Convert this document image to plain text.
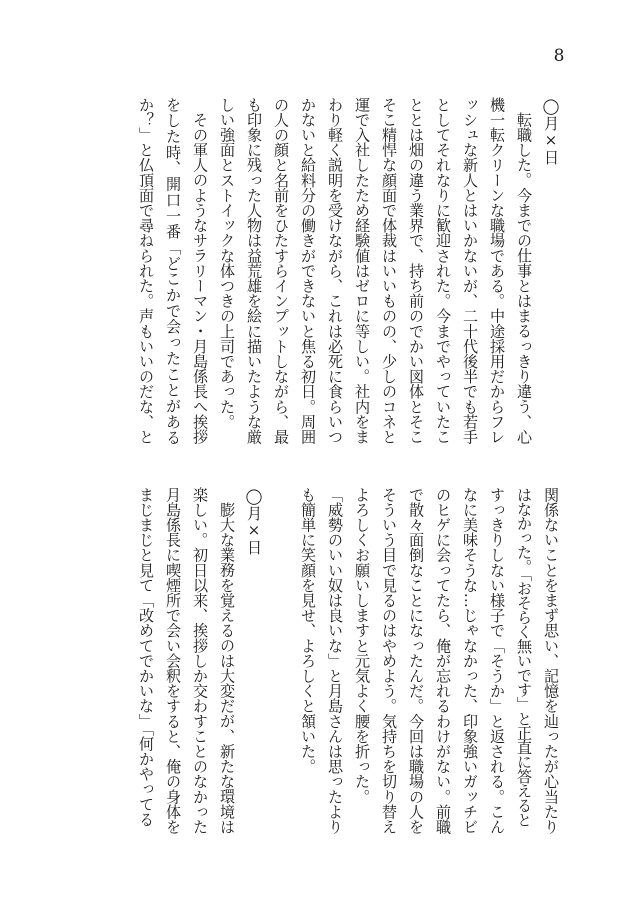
8
◯月×日
転職した。今までの仕事とはまるっきり違う、心
機一転クリーンな職場である。中途採用だからフレ
ッシュな新人とはいかないが、二十代後半でも若手
としてそれなりに歓迎された。今までやっていたこ
ととは畑の違う業界で、持ち前のでかい図体とそこ
そこ精悍な顔面で体裁はいいものの、少しのコネと
運で入社したため経験値はゼロに等しい。社内をま
わり軽く説明を受けながら、これは必死に食らいつ
かないと給料分の働きができないと焦る初日。周囲
の人の顔と名前をひたすらインプットしながら、最
も印象に残った人物は益荒雄を絵に描いたような厳
しい強面とストイックな体つきの上司であった。
その軍人のようなサラリーマン・月島係長へ挨拶
をした時、開口一番「どこかで会ったことがある
か？」と仏頂面で尋ねられた。声もいいのだな、と
関係ないことをまず思い、記憶を辿ったが心当たり
はなかった。「おそらく無いです」と正直に答えると
すっきりしない様子で「そうか」と返される。こん
なに美味そうな…じゃなかった、印象強いガッチビ
のヒゲに会ってたら、俺が忘れるわけがない。前職
で散々面倒なことになったんだ。今回は職場の人を
そういう目で見るのはやめよう。気持ちを切り替え
よろしくお願いしますと元気よく腰を折った。
「威勢のいい奴は良いな」と月島さんは思ったより
も簡単に笑顔を見せ、よろしくと頷いた。
◯月×日
膨大な業務を覚えるのは大変だが、新たな環境は
楽しい。初日以来、挨拶しか交わすことのなかった
月島係長に喫煙所で会い会釈をすると、俺の身体を
まじまじと見て「改めてでかいな」「何かやってる
